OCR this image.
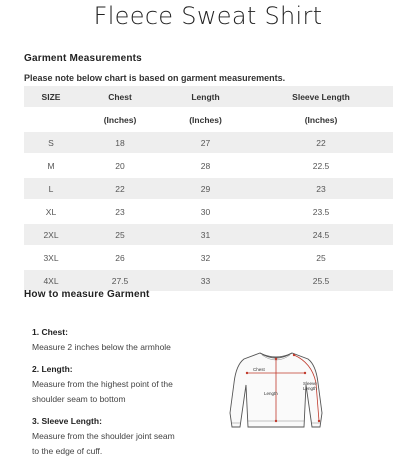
Fleece Sweat Shirt
Garment Measurements
Please note below chart is based on garment measurements.
SIZE	Chest	Length	Sleeve Length
	(Inches)	(Inches)	(Inches)
S	18	27	22
M	20	28	22.5
L	22	29	23
XL	23	30	23.5
2XL	25	31	24.5
3XL	26	32	25
4XL	27.5	33	25.5
How to measure Garment
1. Chest:
Measure 2 inches below the armhole
2. Length:
Measure from the highest point of the
shoulder seam to bottom
3. Sleeve Length:
Measure from the shoulder joint seam
to the edge of cuff.
Chest
Length
Sleeve
Length
